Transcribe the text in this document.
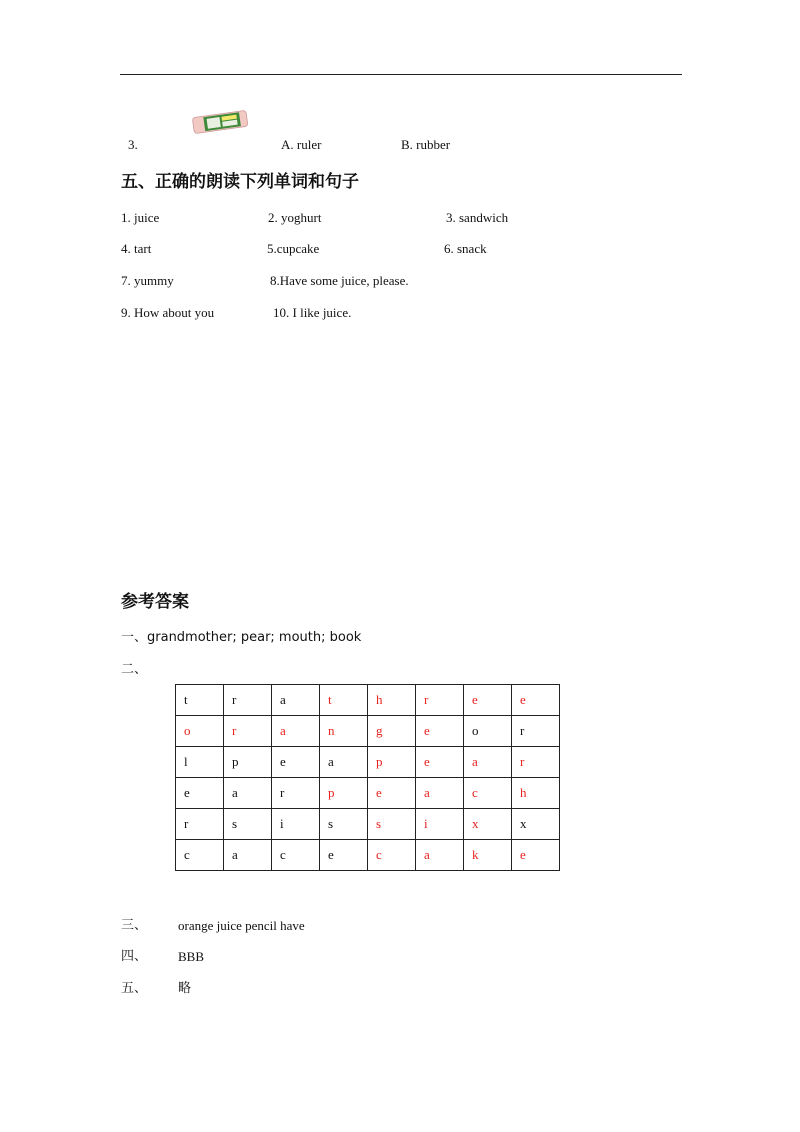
3.	A. ruler	B. rubber
五、正确的朗读下列单词和句子
1. juice	2. yoghurt	3. sandwich
4. tart	5.cupcake	6. snack
7. yummy	8.Have some juice, please.
9. How about you	10. I like juice.
参考答案
一、grandmother; pear; mouth; book
二、
t	r	a	t	h	r	e	e
o	r	a	n	g	e	o	r
l	p	e	a	p	e	a	r
e	a	r	p	e	a	c	h
r	s	i	s	s	i	x	x
c	a	c	e	c	a	k	e
三、 orange juice pencil have
四、 BBB
五、 略
